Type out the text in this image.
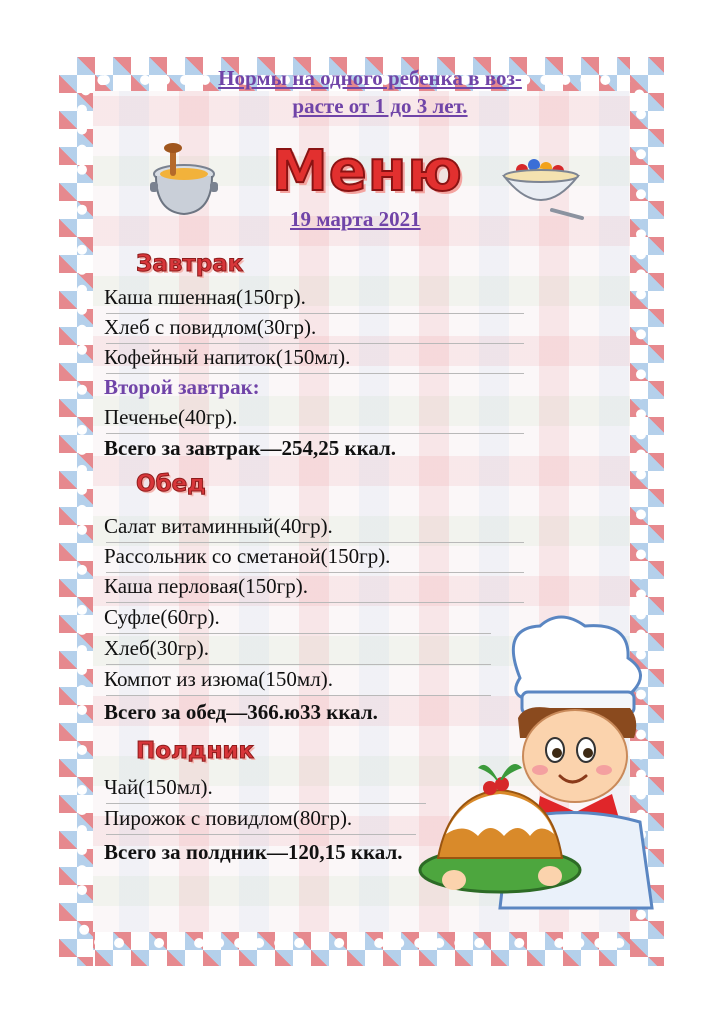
Нормы на одного ребенка в воз-
расте от 1 до 3 лет.
Меню
19 марта 2021
Завтрак
Каша пшенная(150гр).
Хлеб с повидлом(30гр).
Кофейный напиток(150мл).
Второй завтрак:
Печенье(40гр).
Всего за завтрак—254,25 ккал.
Обед
Салат витаминный(40гр).
Рассольник со сметаной(150гр).
Каша перловая(150гр).
Суфле(60гр).
Хлеб(30гр).
Компот из изюма(150мл).
Всего за обед—366.ю33 ккал.
Полдник
Чай(150мл).
Пирожок с повидлом(80гр).
Всего за полдник—120,15 ккал.
